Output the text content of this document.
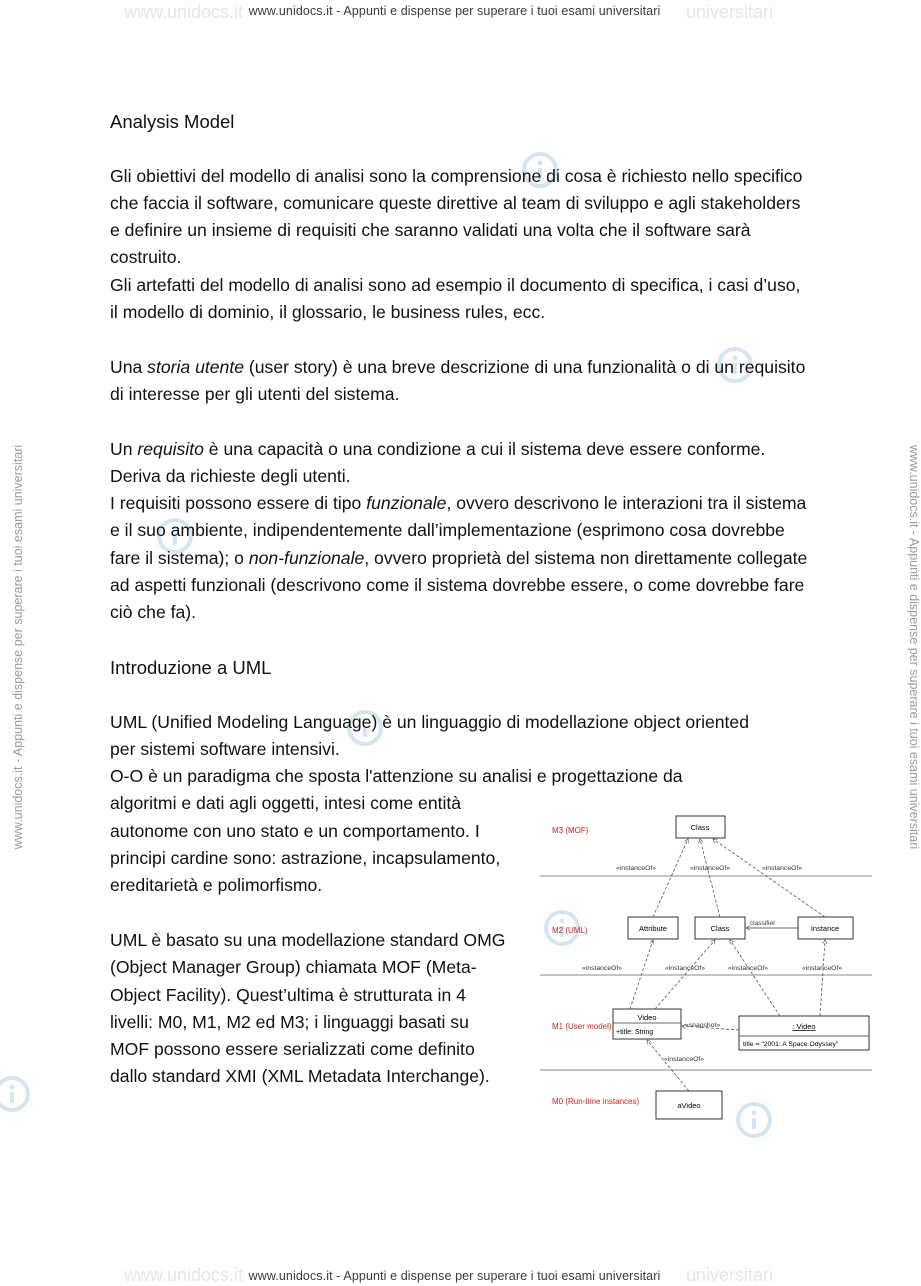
www.unidocs.it	universitari
www.unidocs.it - Appunti e dispense per superare i tuoi esami universitari
www.unidocs.it	universitari
www.unidocs.it - Appunti e dispense per superare i tuoi esami universitari
www.unidocs.it - Appunti e dispense per superare i tuoi esami universitari	www.unidocs.it - Appunti e dispense per superare i tuoi esami universitari

Analysis Model

Gli obiettivi del modello di analisi sono la comprensione di cosa è richiesto nello specifico che faccia il software, comunicare queste direttive al team di sviluppo e agli stakeholders e definire un insieme di requisiti che saranno validati una volta che il software sarà costruito.

Gli artefatti del modello di analisi sono ad esempio il documento di specifica, i casi d’uso, il modello di dominio, il glossario, le business rules, ecc.

Una storia utente (user story) è una breve descrizione di una funzionalità o di un requisito di interesse per gli utenti del sistema.

Un requisito è una capacità o una condizione a cui il sistema deve essere conforme. Deriva da richieste degli utenti.

I requisiti possono essere di tipo funzionale, ovvero descrivono le interazioni tra il sistema e il suo ambiente, indipendentemente dall’implementazione (esprimono cosa dovrebbe fare il sistema); o non-funzionale, ovvero proprietà del sistema non direttamente collegate ad aspetti funzionali (descrivono come il sistema dovrebbe essere, o come dovrebbe fare ciò che fa).

Introduzione a UML

UML (Unified Modeling Language) è un linguaggio di modellazione object oriented per sistemi software intensivi.

O-O è un paradigma che sposta l'attenzione su analisi e progettazione da

algoritmi e dati agli oggetti, intesi come entità autonome con uno stato e un comportamento. I principi cardine sono: astrazione, incapsulamento, ereditarietà e polimorfismo.

UML è basato su una modellazione standard OMG (Object Manager Group) chiamata MOF (Meta-Object Facility). Quest’ultima è strutturata in 4 livelli: M0, M1, M2 ed M3; i linguaggi basati su MOF possono essere serializzati come definito dallo standard XMI (XML Metadata Interchange).

M3 (MOF)
M2 (UML)
M1 (User model)
M0 (Run-time instances)
Class
Attribute	Class	Instance
Video
+title: String
: Video
title = "2001: A Space Odyssey"
aVideo
«instanceOf»	«instanceOf»	«instanceOf»
classifier
«instanceOf»	«instanceOf»	«instanceOf»	«instanceOf»
«snapshot»
«instanceOf»
